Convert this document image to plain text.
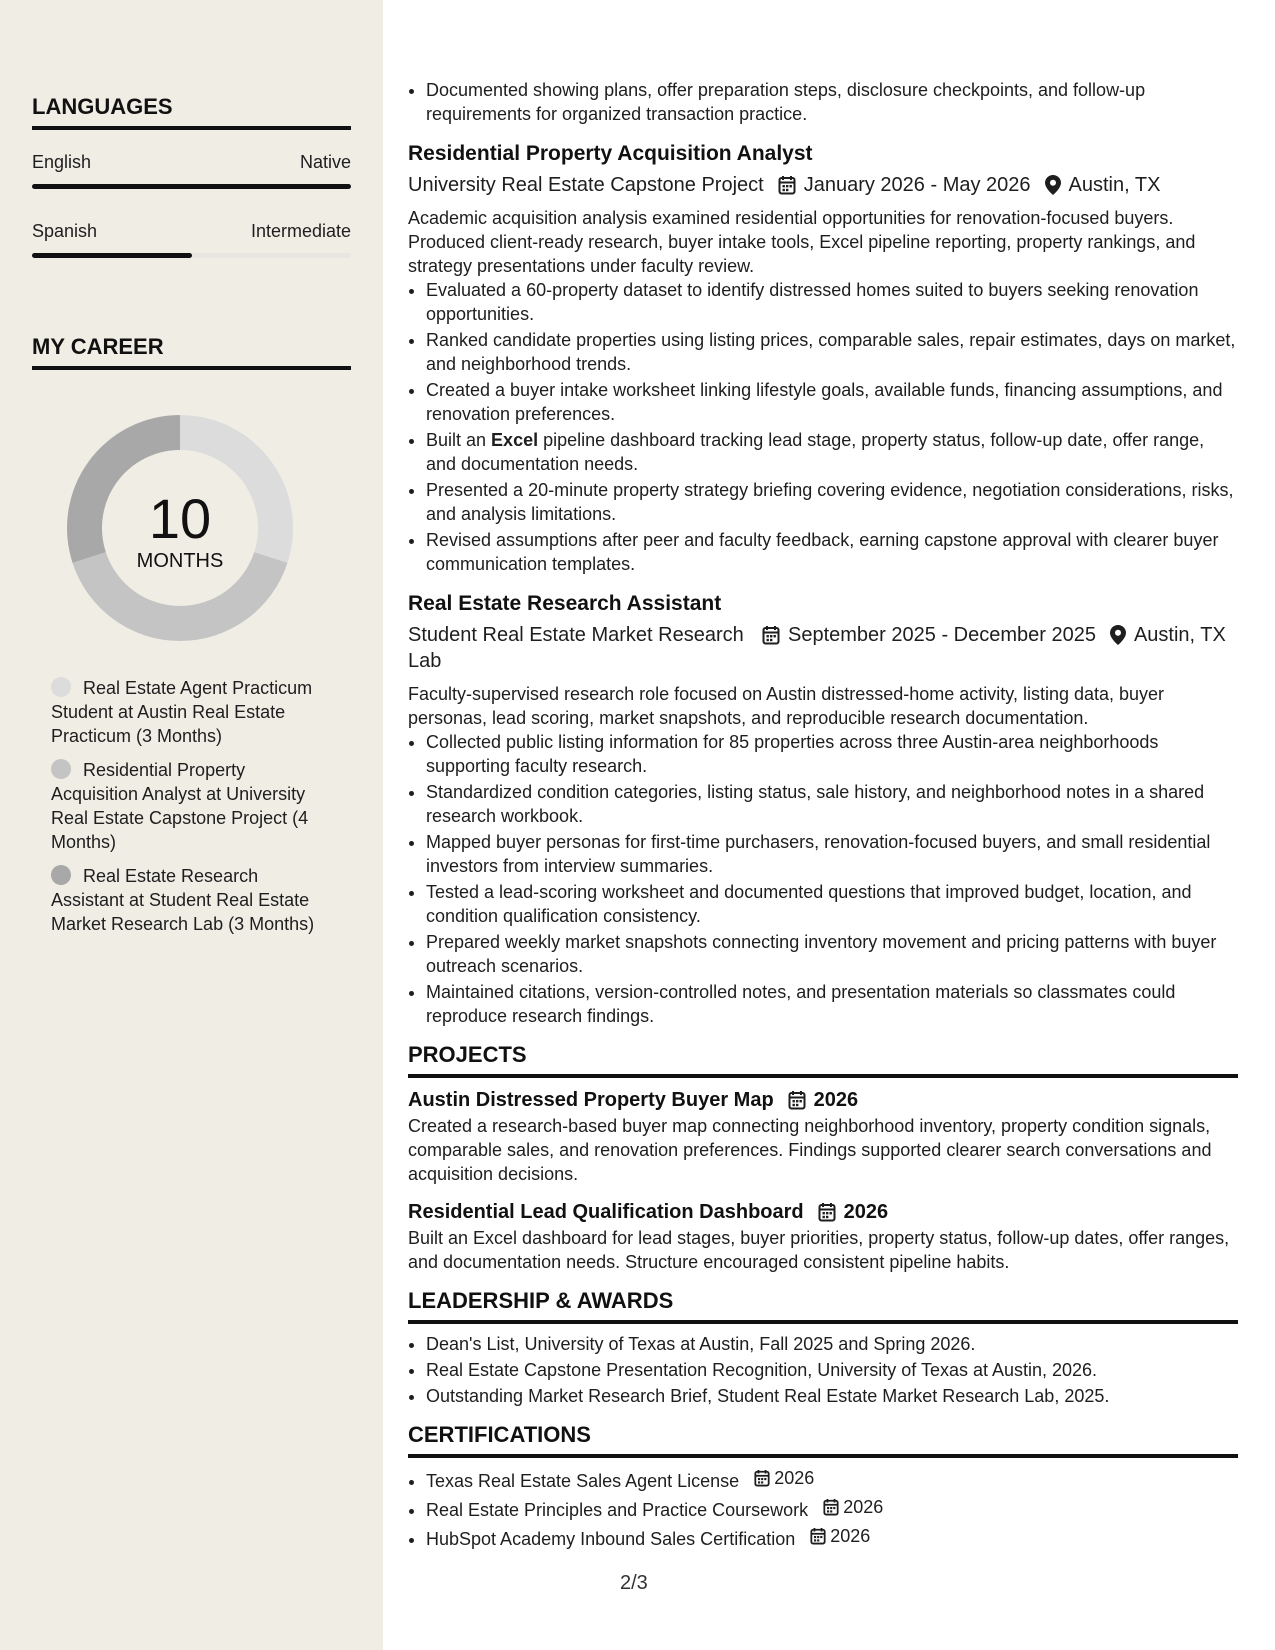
LANGUAGES
English	Native
Spanish	Intermediate
MY CAREER
10
MONTHS
Real Estate Agent Practicum Student at Austin Real Estate Practicum (3 Months)
Residential Property Acquisition Analyst at University Real Estate Capstone Project (4 Months)
Real Estate Research Assistant at Student Real Estate Market Research Lab (3 Months)
• Documented showing plans, offer preparation steps, disclosure checkpoints, and follow-up requirements for organized transaction practice.
Residential Property Acquisition Analyst
University Real Estate Capstone Project January 2026 - May 2026 Austin, TX
Academic acquisition analysis examined residential opportunities for renovation-focused buyers. Produced client-ready research, buyer intake tools, Excel pipeline reporting, property rankings, and strategy presentations under faculty review.
• Evaluated a 60-property dataset to identify distressed homes suited to buyers seeking renovation opportunities.
• Ranked candidate properties using listing prices, comparable sales, repair estimates, days on market, and neighborhood trends.
• Created a buyer intake worksheet linking lifestyle goals, available funds, financing assumptions, and renovation preferences.
• Built an Excel pipeline dashboard tracking lead stage, property status, follow-up date, offer range, and documentation needs.
• Presented a 20-minute property strategy briefing covering evidence, negotiation considerations, risks, and analysis limitations.
• Revised assumptions after peer and faculty feedback, earning capstone approval with clearer buyer communication templates.
Real Estate Research Assistant
Student Real Estate Market Research Lab
September 2025 - December 2025 Austin, TX
Faculty-supervised research role focused on Austin distressed-home activity, listing data, buyer personas, lead scoring, market snapshots, and reproducible research documentation.
• Collected public listing information for 85 properties across three Austin-area neighborhoods supporting faculty research.
• Standardized condition categories, listing status, sale history, and neighborhood notes in a shared research workbook.
• Mapped buyer personas for first-time purchasers, renovation-focused buyers, and small residential investors from interview summaries.
• Tested a lead-scoring worksheet and documented questions that improved budget, location, and condition qualification consistency.
• Prepared weekly market snapshots connecting inventory movement and pricing patterns with buyer outreach scenarios.
• Maintained citations, version-controlled notes, and presentation materials so classmates could reproduce research findings.
PROJECTS
Austin Distressed Property Buyer Map 2026
Created a research-based buyer map connecting neighborhood inventory, property condition signals, comparable sales, and renovation preferences. Findings supported clearer search conversations and acquisition decisions.
Residential Lead Qualification Dashboard 2026
Built an Excel dashboard for lead stages, buyer priorities, property status, follow-up dates, offer ranges, and documentation needs. Structure encouraged consistent pipeline habits.
LEADERSHIP & AWARDS
• Dean's List, University of Texas at Austin, Fall 2025 and Spring 2026.
• Real Estate Capstone Presentation Recognition, University of Texas at Austin, 2026.
• Outstanding Market Research Brief, Student Real Estate Market Research Lab, 2025.
CERTIFICATIONS
• Texas Real Estate Sales Agent License 2026
• Real Estate Principles and Practice Coursework 2026
• HubSpot Academy Inbound Sales Certification 2026
2/3
